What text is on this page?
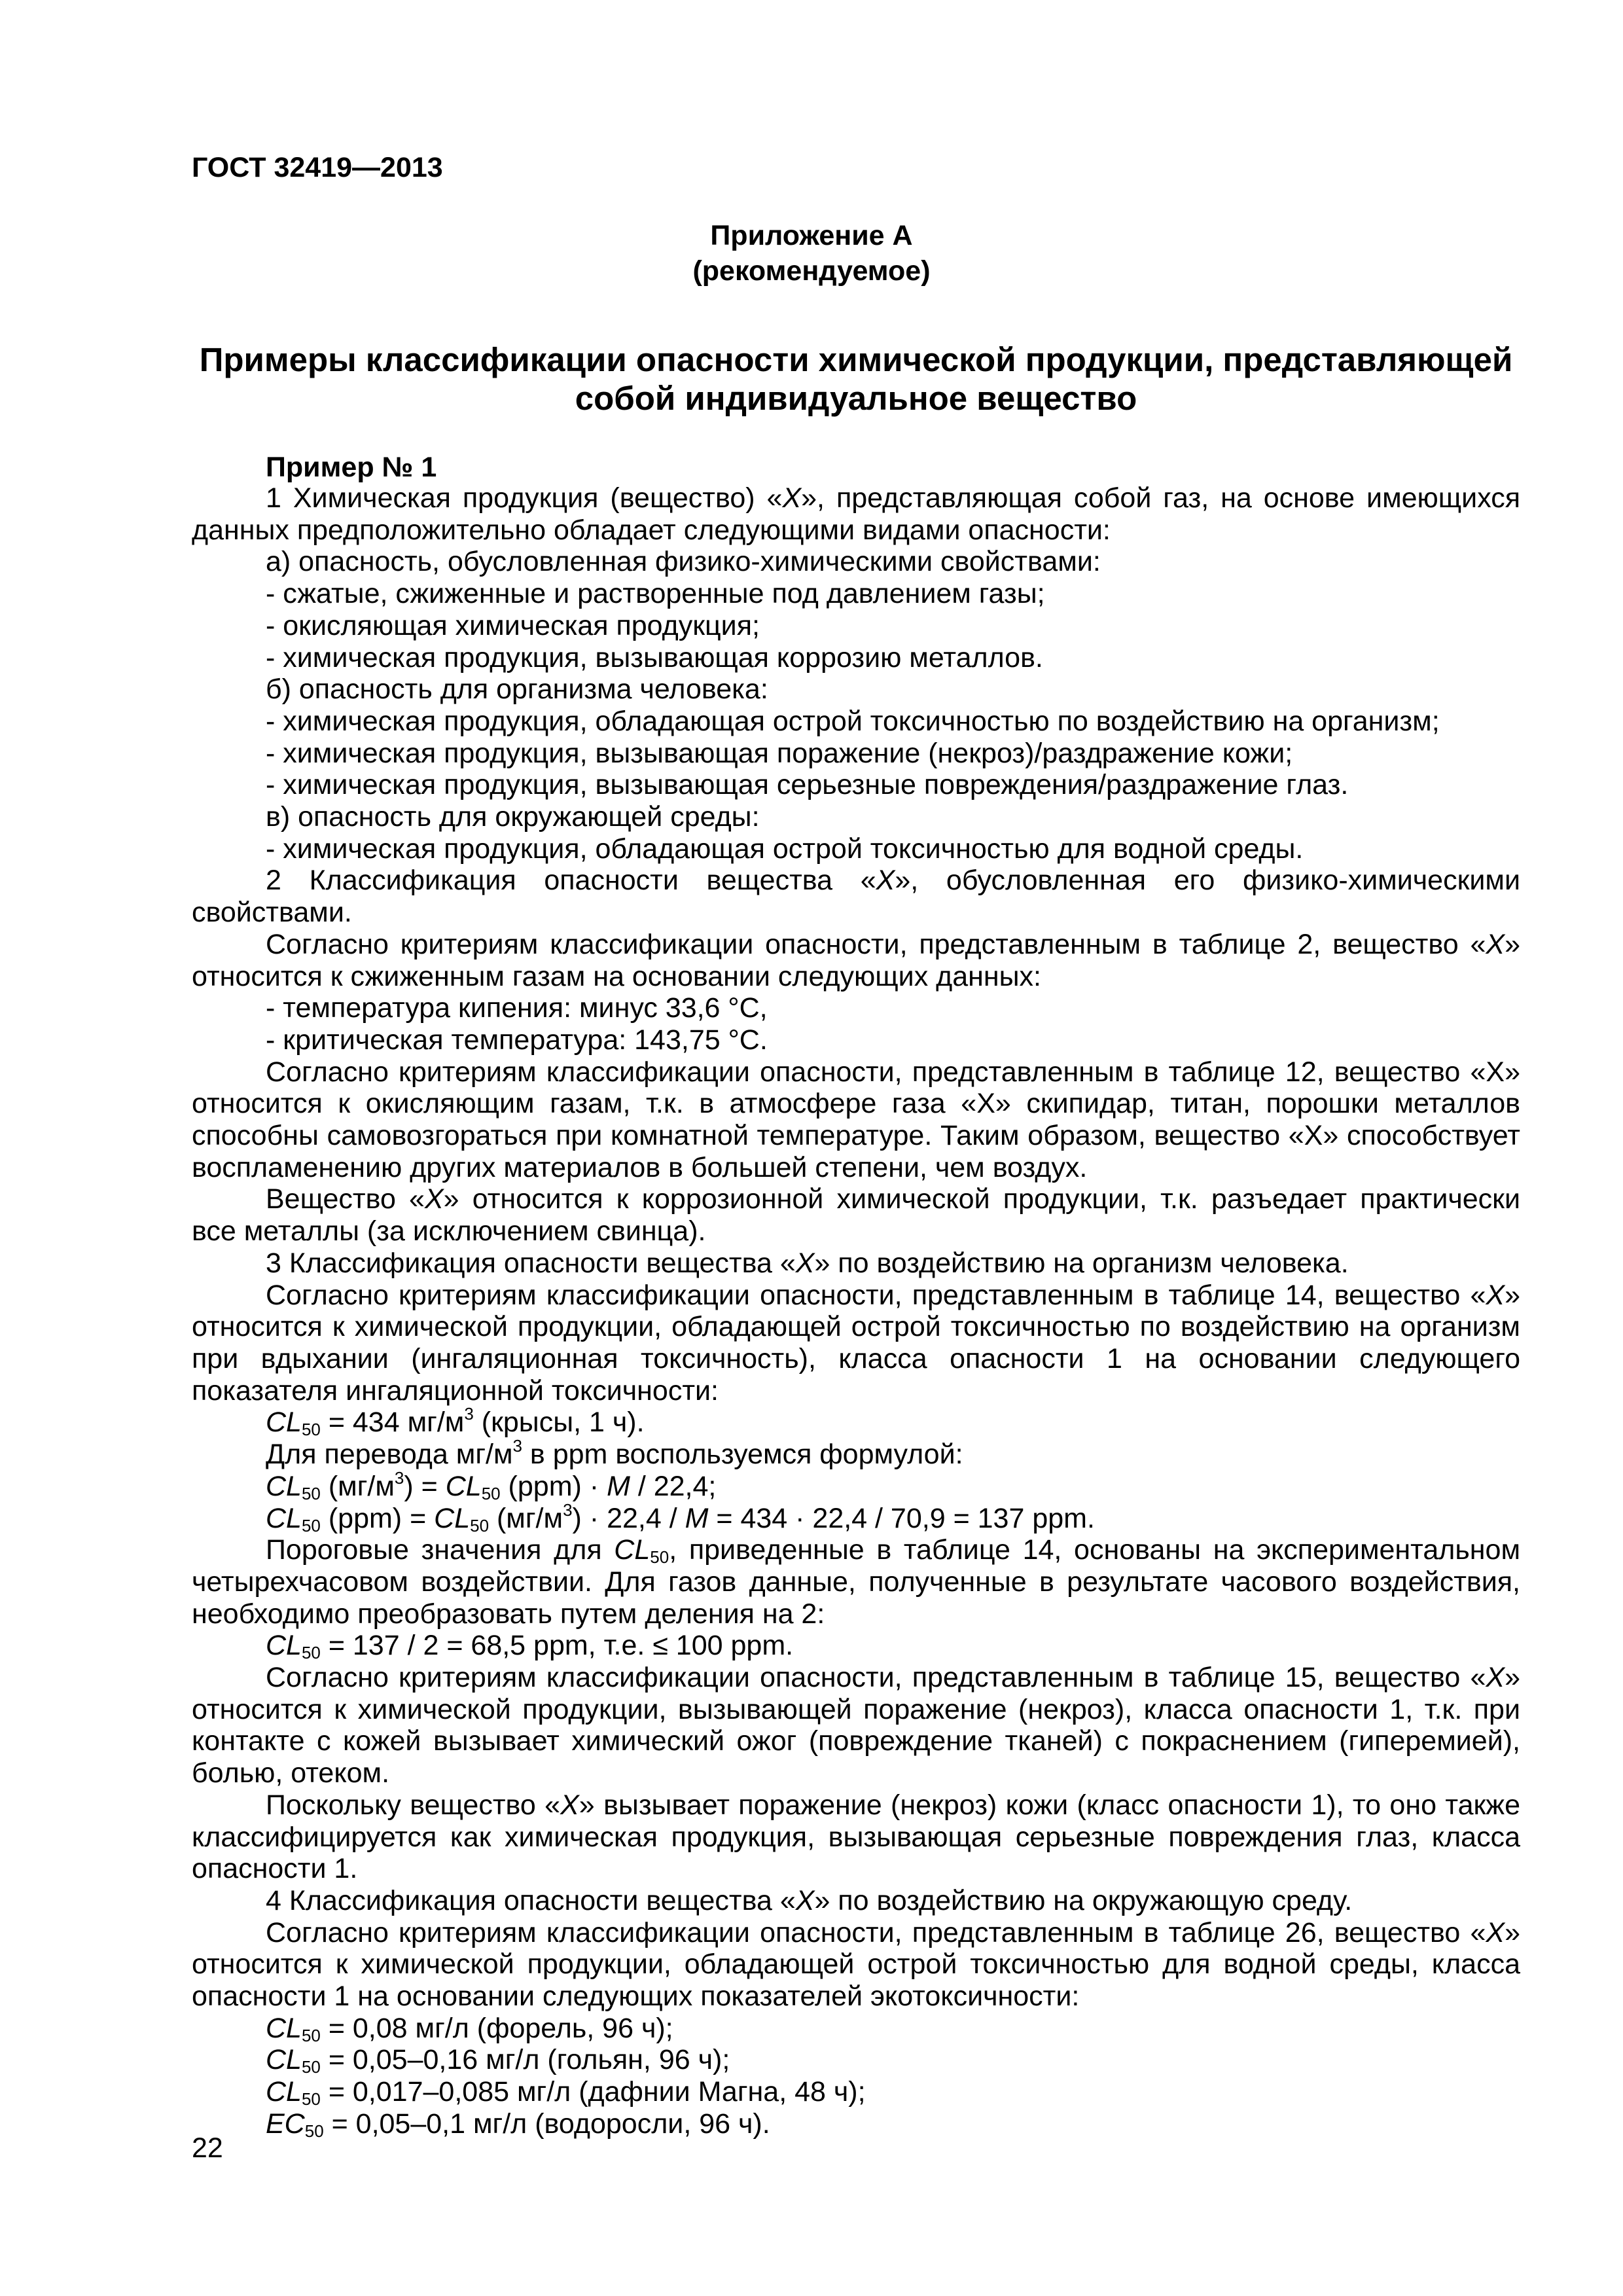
ГОСТ 32419—2013
Приложение А
(рекомендуемое)
Примеры классификации опасности химической продукции, представляющей
собой индивидуальное вещество
Пример № 1

1 Химическая продукция (вещество) «X», представляющая собой газ, на основе имеющихся данных предположительно обладает следующими видами опасности:

а) опасность, обусловленная физико-химическими свойствами:

- сжатые, сжиженные и растворенные под давлением газы;

- окисляющая химическая продукция;

- химическая продукция, вызывающая коррозию металлов.

б) опасность для организма человека:

- химическая продукция, обладающая острой токсичностью по воздействию на организм;

- химическая продукция, вызывающая поражение (некроз)/раздражение кожи;

- химическая продукция, вызывающая серьезные повреждения/раздражение глаз.

в) опасность для окружающей среды:

- химическая продукция, обладающая острой токсичностью для водной среды.

2 Классификация опасности вещества «X», обусловленная его физико-химическими свойствами.

Согласно критериям классификации опасности, представленным в таблице 2, вещество «X» относится к сжиженным газам на основании следующих данных:

- температура кипения: минус 33,6 °C,

- критическая температура: 143,75 °C.

Согласно критериям классификации опасности, представленным в таблице 12, вещество «X» относится к окисляющим газам, т.к. в атмосфере газа «X» скипидар, титан, порошки металлов способны самовозгораться при комнатной температуре. Таким образом, вещество «X» способствует воспламенению других материалов в большей степени, чем воздух.

Вещество «X» относится к коррозионной химической продукции, т.к. разъедает практически все металлы (за исключением свинца).

3 Классификация опасности вещества «X» по воздействию на организм человека.

Согласно критериям классификации опасности, представленным в таблице 14, вещество «X» относится к химической продукции, обладающей острой токсичностью по воздействию на организм при вдыхании (ингаляционная токсичность), класса опасности 1 на основании следующего показателя ингаляционной токсичности:

$CL_{50} = 434$ $мг/м^3$ (крысы, 1 ч).

Для перевода $мг/м^3$ в ppm воспользуемся формулой:

$CL_{50}$ $(мг/м^3) = CL_{50}$ (ppm) · M / 22,4;

$CL_{50}$ $(ppm) = CL_{50}$ $(мг/м^3) \cdot 22,4 / M = 434 \cdot 22,4 / 70,9 = 137$ ppm.

Пороговые значения для $CL_{50}$, приведенные в таблице 14, основаны на экспериментальном четырехчасовом воздействии. Для газов данные, полученные в результате часового воздействия, необходимо преобразовать путем деления на 2:

$CL_{50} = 137 / 2 = 68,5$ ppm, т.е. ≤ 100 ppm.

Согласно критериям классификации опасности, представленным в таблице 15, вещество «X» относится к химической продукции, вызывающей поражение (некроз), класса опасности 1, т.к. при контакте с кожей вызывает химический ожог (повреждение тканей) с покраснением (гиперемией), болью, отеком.

Поскольку вещество «X» вызывает поражение (некроз) кожи (класс опасности 1), то оно также классифицируется как химическая продукция, вызывающая серьезные повреждения глаз, класса опасности 1.

4 Классификация опасности вещества «X» по воздействию на окружающую среду.

Согласно критериям классификации опасности, представленным в таблице 26, вещество «X» относится к химической продукции, обладающей острой токсичностью для водной среды, класса опасности 1 на основании следующих показателей экотоксичности:

$CL_{50} = 0,08$ мг/л (форель, 96 ч);

$CL_{50} = 0,05-0,16$ мг/л (гольян, 96 ч);

$CL_{50} = 0,017-0,085$ мг/л (дафнии Магна, 48 ч);

$EC_{50} = 0,05-0,1$ мг/л (водоросли, 96 ч).

22
